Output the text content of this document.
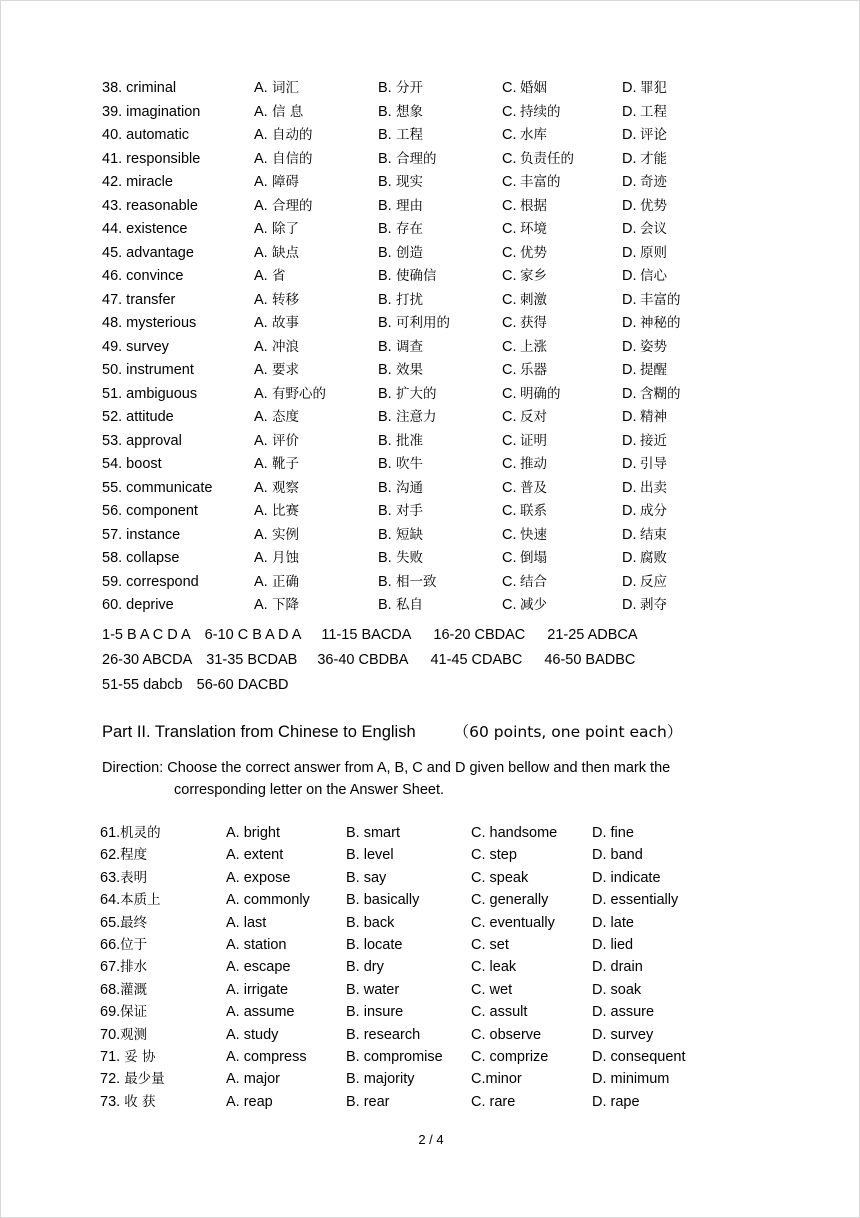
38. criminal	A. 词汇	B. 分开	C. 婚姻	D. 罪犯
39. imagination	A. 信 息	B. 想象	C. 持续的	D. 工程
40. automatic	A. 自动的	B. 工程	C. 水库	D. 评论
41. responsible	A. 自信的	B. 合理的	C. 负责任的	D. 才能
42. miracle	A. 障碍	B. 现实	C. 丰富的	D. 奇迹
43. reasonable	A. 合理的	B. 理由	C. 根据	D. 优势
44. existence	A. 除了	B. 存在	C. 环境	D. 会议
45. advantage	A. 缺点	B. 创造	C. 优势	D. 原则
46. convince	A. 省	B. 使确信	C. 家乡	D. 信心
47. transfer	A. 转移	B. 打扰	C. 刺激	D. 丰富的
48. mysterious	A. 故事	B. 可利用的	C. 获得	D. 神秘的
49. survey	A. 冲浪	B. 调查	C. 上涨	D. 姿势
50. instrument	A. 要求	B. 效果	C. 乐器	D. 提醒
51. ambiguous	A. 有野心的	B. 扩大的	C. 明确的	D. 含糊的
52. attitude	A. 态度	B. 注意力	C. 反对	D. 精神
53. approval	A. 评价	B. 批准	C. 证明	D. 接近
54. boost	A. 靴子	B. 吹牛	C. 推动	D. 引导
55. communicate	A. 观察	B. 沟通	C. 普及	D. 出卖
56. component	A. 比赛	B. 对手	C. 联系	D. 成分
57. instance	A. 实例	B. 短缺	C. 快速	D. 结束
58. collapse	A. 月蚀	B. 失败	C. 倒塌	D. 腐败
59. correspond	A. 正确	B. 相一致	C. 结合	D. 反应
60. deprive	A. 下降	B. 私自	C. 减少	D. 剥夺
1-5 B A C D A 6-10 C B A D A 11-15 BACDA 16-20 CBDAC 21-25 ADBCA
26-30 ABCDA 31-35 BCDAB 36-40 CBDBA 41-45 CDABC 46-50 BADBC
51-55 dabcb 56-60 DACBD
Part II. Translation from Chinese to English （60 points, one point each）
Direction: Choose the correct answer from A, B, C and D given bellow and then mark the
corresponding letter on the Answer Sheet.
61.机灵的	A. bright	B. smart	C. handsome D. fine
62.程度	A. extent	B. level	C. step	D. band
63.表明	A. expose	B. say	C. speak	D. indicate
64.本质上	A. commonly B. basically	C. generally	D. essentially
65.最终	A. last	B. back	C. eventually	D. late
66.位于	A. station	B. locate	C. set	D. lied
67.排水	A. escape	B. dry	C. leak	D. drain
68.灌溉	A. irrigate	B. water	C. wet	D. soak
69.保证	A. assume	B. insure	C. assult	D. assure
70.观测	A. study	B. research	C. observe	D. survey
71. 妥 协	A. compress	B. compromise C. comprize	D. consequent
72. 最少量	A. major	B. majority	C.minor	D. minimum
73. 收 获	A. reap	B. rear	C. rare	D. rape
2 / 4
